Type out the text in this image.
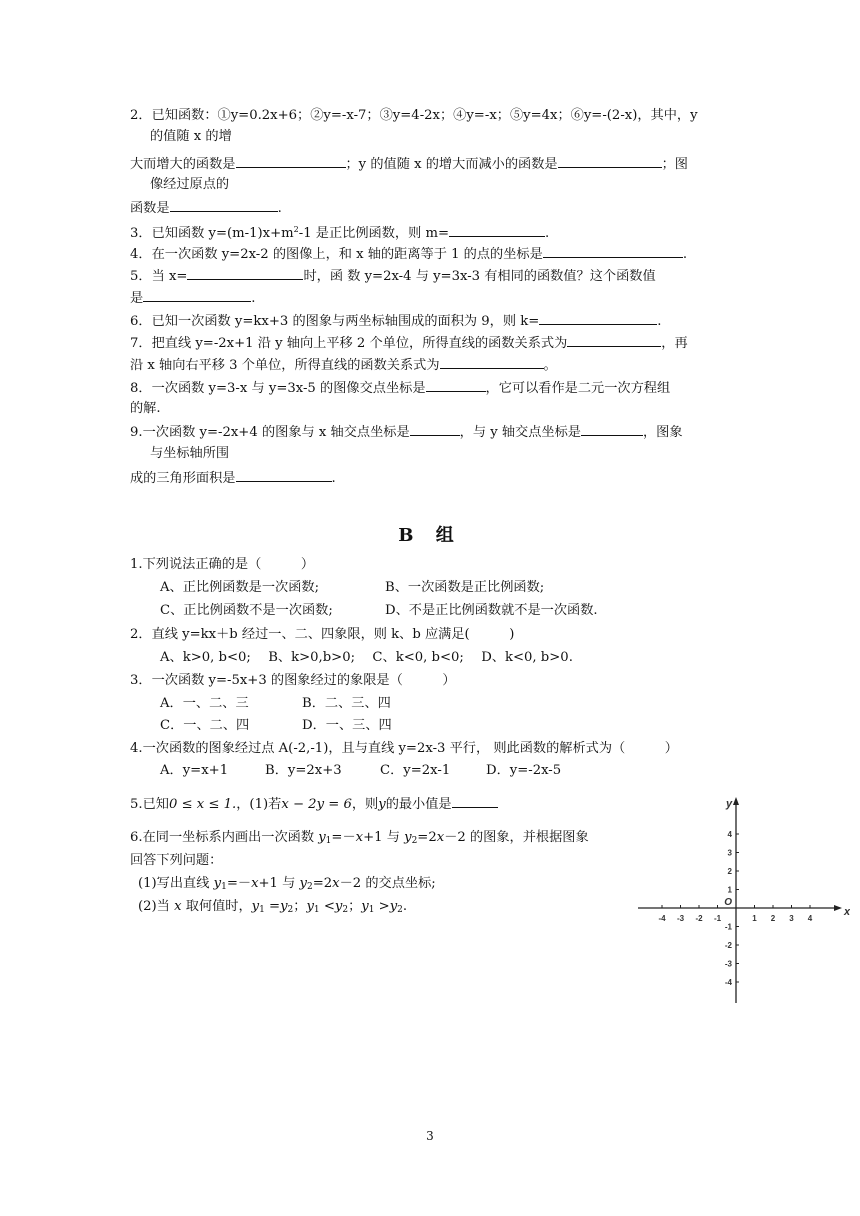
2．已知函数：①y=0.2x+6；②y=-x-7；③y=4-2x；④y=-x；⑤y=4x；⑥y=-(2-x)，其中，y
的值随 x 的增
大而增大的函数是	；y 的值随 x 的增大而减小的函数是	；图
像经过原点的
函数是	.
3．已知函数 $y=(m-1)x+m^2-1$ 是正比例函数，则 m=	.
4．在一次函数 y=2x-2 的图像上，和 x 轴的距离等于 1 的点的坐标是	.
5．当 x=	时，函 数 y=2x-4 与 y=3x-3 有相同的函数值？这个函数值
是	.
6．已知一次函数 y=kx+3 的图象与两坐标轴围成的面积为 9，则 k=	.
7．把直线 y=-2x+1 沿 y 轴向上平移 2 个单位，所得直线的函数关系式为	，再
沿 x 轴向右平移 3 个单位，所得直线的函数关系式为	。
8．一次函数 y=3-x 与 y=3x-5 的图像交点坐标是	，它可以看作是二元一次方程组
的解.
9.一次函数 y=-2x+4 的图象与 x 轴交点坐标是	，与 y 轴交点坐标是	，图象
与坐标轴所围
成的三角形面积是	.
B 组
1.下列说法正确的是（　　　）
A、正比例函数是一次函数;	B、一次函数是正比例函数;
C、正比例函数不是一次函数;	D、不是正比例函数就不是一次函数.
2．直线 y=kx＋b 经过一、二、四象限，则 k、b 应满足(　　　)
A、k>0, b<0;　 B、k>0,b>0;　 C、k<0, b<0;　 D、k<0, b>0.
3．一次函数 y=-5x+3 的图象经过的象限是（　　　）
A．一、二、三	B．二、三、四
C．一、二、四	D．一、三、四
4.一次函数的图象经过点 A(-2,-1)，且与直线 y=2x-3 平行， 则此函数的解析式为（　　　）
A．y=x+1	B．y=2x+3	C．y=2x-1	D．y=-2x-5
5.已知0 ≤ x ≤ 1.，(1)若x − 2y = 6，则y的最小值是
6.在同一坐标系内画出一次函数 $y_1=-x+1$ 与 $y_2=2x-2$ 的图象，并根据图象
回答下列问题：
(1)写出直线 $y_1=-x+1$ 与 $y_2=2x-2$ 的交点坐标;
(2)当 x 取何值时，$y_1 =y_2$；$y_1 <y_2$；$y_1 >y_2$.
-4 -3 -2 -1	1 2 3 4
4
3
2
1
-1
-2
-3
-4
O
x
y
3
